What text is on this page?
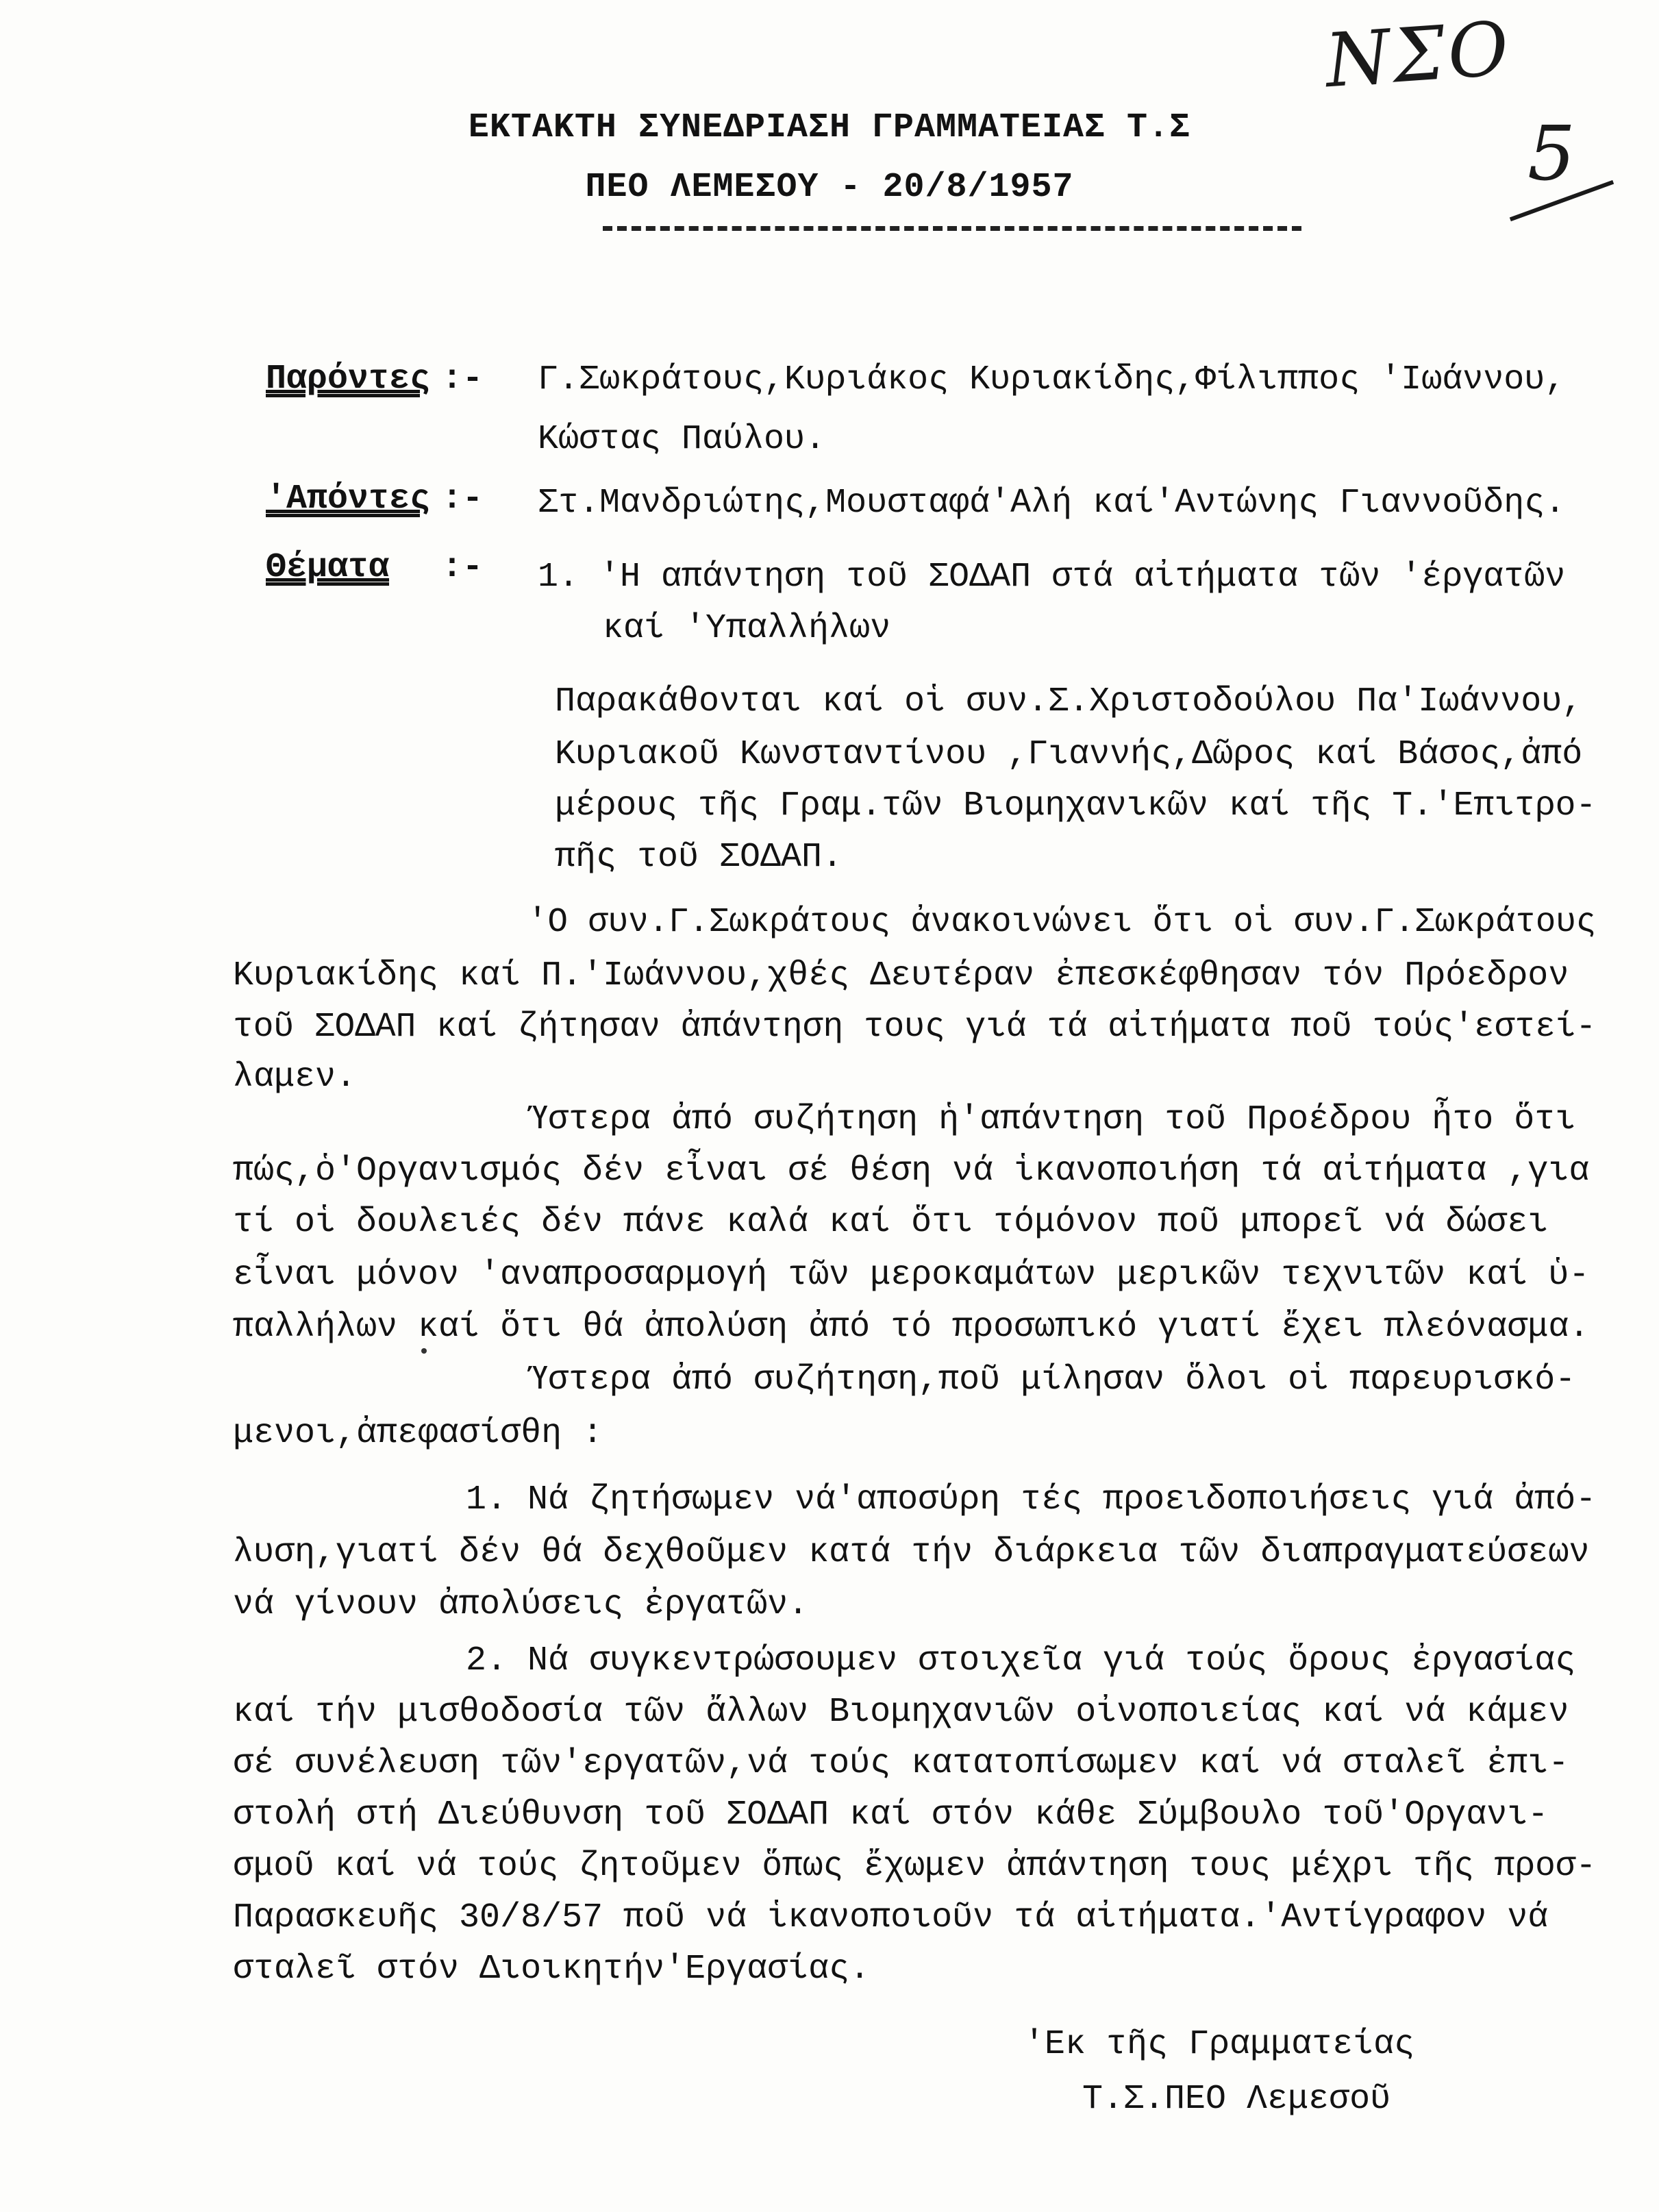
ΝΣΟ
5
ΕΚΤΑΚΤΗ ΣΥΝΕΔΡΙΑΣΗ ΓΡΑΜΜΑΤΕΙΑΣ Τ.Σ
ΠΕΟ ΛΕΜΕΣΟΥ - 20/8/1957
Παρόντες :- Γ.Σωκράτους,Κυριάκος Κυριακίδης,Φίλιππος 'Ιωάννου,
Κώστας Παύλου.
'Απόντες :- Στ.Μανδριώτης,Μουσταφά'Αλή καί'Αντώνης Γιαννοῦδης.
Θέματα :- 1. 'Η απάντηση τοῦ ΣΟΔΑΠ στά αἰτήματα τῶν 'έργατῶν
καί 'Υπαλλήλων
Παρακάθονται καί οἱ συν.Σ.Χριστοδούλου Πα'Ιωάννου,
Κυριακοῦ Κωνσταντίνου ,Γιαννής,Δῶρος καί Βάσος,ἀπό
μέρους τῆς Γραμ.τῶν Βιομηχανικῶν καί τῆς Τ.'Επιτρο-
πῆς τοῦ ΣΟΔΑΠ.
'Ο συν.Γ.Σωκράτους ἀνακοινώνει ὅτι οἱ συν.Γ.Σωκράτους
Κυριακίδης καί Π.'Ιωάννου,χθές Δευτέραν ἐπεσκέφθησαν τόν Πρόεδρον
τοῦ ΣΟΔΑΠ καί ζήτησαν ἀπάντηση τους γιά τά αἰτήματα ποῦ τούς'εστεί-
λαμεν.
Ύστερα ἀπό συζήτηση ἡ'απάντηση τοῦ Προέδρου ἦτο ὅτι
πώς,ὁ'Οργανισμός δέν εἶναι σέ θέση νά ἱκανοποιήση τά αἰτήματα ,για
τί οἱ δουλειές δέν πάνε καλά καί ὅτι τόμόνον ποῦ μπορεῖ νά δώσει
εἶναι μόνον 'αναπροσαρμογή τῶν μεροκαμάτων μερικῶν τεχνιτῶν καί ὑ-
παλλήλων καί ὅτι θά ἀπολύση ἀπό τό προσωπικό γιατί ἔχει πλεόνασμα.
Ύστερα ἀπό συζήτηση,ποῦ μίλησαν ὅλοι οἱ παρευρισκό-
μενοι,ἀπεφασίσθη :
1. Νά ζητήσωμεν νά'αποσύρη τές προειδοποιήσεις γιά ἀπό-
λυση,γιατί δέν θά δεχθοῦμεν κατά τήν διάρκεια τῶν διαπραγματεύσεων
νά γίνουν ἀπολύσεις ἐργατῶν.
2. Νά συγκεντρώσουμεν στοιχεῖα γιά τούς ὅρους ἐργασίας
καί τήν μισθοδοσία τῶν ἄλλων Βιομηχανιῶν οἰνοποιείας καί νά κάμεν
σέ συνέλευση τῶν'εργατῶν,νά τούς κατατοπίσωμεν καί νά σταλεῖ ἐπι-
στολή στή Διεύθυνση τοῦ ΣΟΔΑΠ καί στόν κάθε Σύμβουλο τοῦ'Οργανι-
σμοῦ καί νά τούς ζητοῦμεν ὅπως ἔχωμεν ἀπάντηση τους μέχρι τῆς προσ-
Παρασκευῆς 30/8/57 ποῦ νά ἱκανοποιοῦν τά αἰτήματα.'Αντίγραφον νά
σταλεῖ στόν Διοικητήν'Εργασίας.
'Εκ τῆς Γραμματείας
Τ.Σ.ΠΕΟ Λεμεσοῦ
